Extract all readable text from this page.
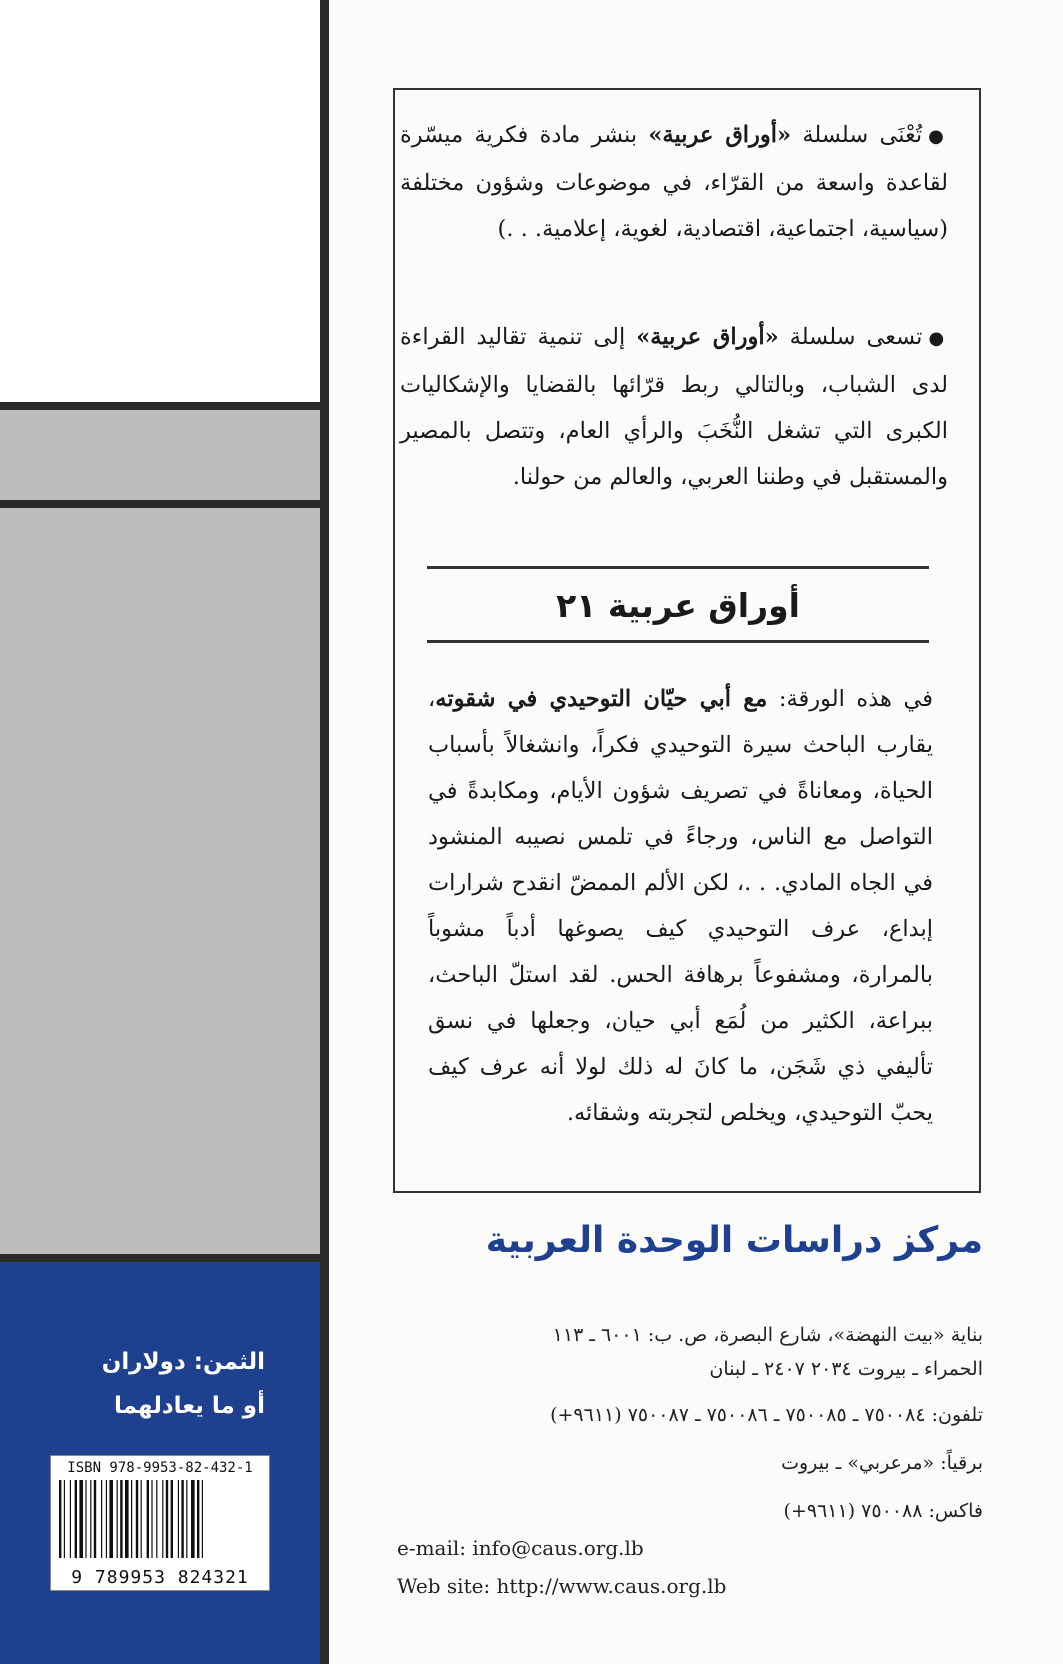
الثمن: دولاران
أو ما يعادلهما
ISBN 978-9953-82-432-1
9 789953 824321
●تُعْنَى سلسلة «أوراق عربية» بنشر مادة فكرية ميسّرة لقاعدة واسعة من القرّاء، في موضوعات وشؤون مختلفة (سياسية، اجتماعية، اقتصادية، لغوية، إعلامية. . .)
●تسعى سلسلة «أوراق عربية» إلى تنمية تقاليد القراءة لدى الشباب، وبالتالي ربط قرّائها بالقضايا والإشكاليات الكبرى التي تشغل النُّخَبَ والرأي العام، وتتصل بالمصير والمستقبل في وطننا العربي، والعالم من حولنا.
أوراق عربية ٢١
في هذه الورقة: مع أبي حيّان التوحيدي في شقوته، يقارب الباحث سيرة التوحيدي فكراً، وانشغالاً بأسباب الحياة، ومعاناةً في تصريف شؤون الأيام، ومكابدةً في التواصل مع الناس، ورجاءً في تلمس نصيبه المنشود في الجاه المادي. . .، لكن الألم الممضّ انقدح شرارات إبداع، عرف التوحيدي كيف يصوغها أدباً مشوباً بالمرارة، ومشفوعاً برهافة الحس. لقد استلّ الباحث، ببراعة، الكثير من لُمَع أبي حيان، وجعلها في نسق تأليفي ذي شَجَن، ما كانَ له ذلك لولا أنه عرف كيف يحبّ التوحيدي، ويخلص لتجربته وشقائه.
مركز دراسات الوحدة العربية
بناية «بيت النهضة»، شارع البصرة، ص. ب: ٦٠٠١ ـ ١١٣
الحمراء ـ بيروت ٢٠٣٤ ٢٤٠٧ ـ لبنان
تلفون: ٧٥٠٠٨٤ ـ ٧٥٠٠٨٥ ـ ٧٥٠٠٨٦ ـ ٧٥٠٠٨٧ (٩٦١١+)
برقياً: «مرعربي» ـ بيروت
فاكس: ٧٥٠٠٨٨ (٩٦١١+)
e-mail: info@caus.org.lb
Web site: http://www.caus.org.lb
